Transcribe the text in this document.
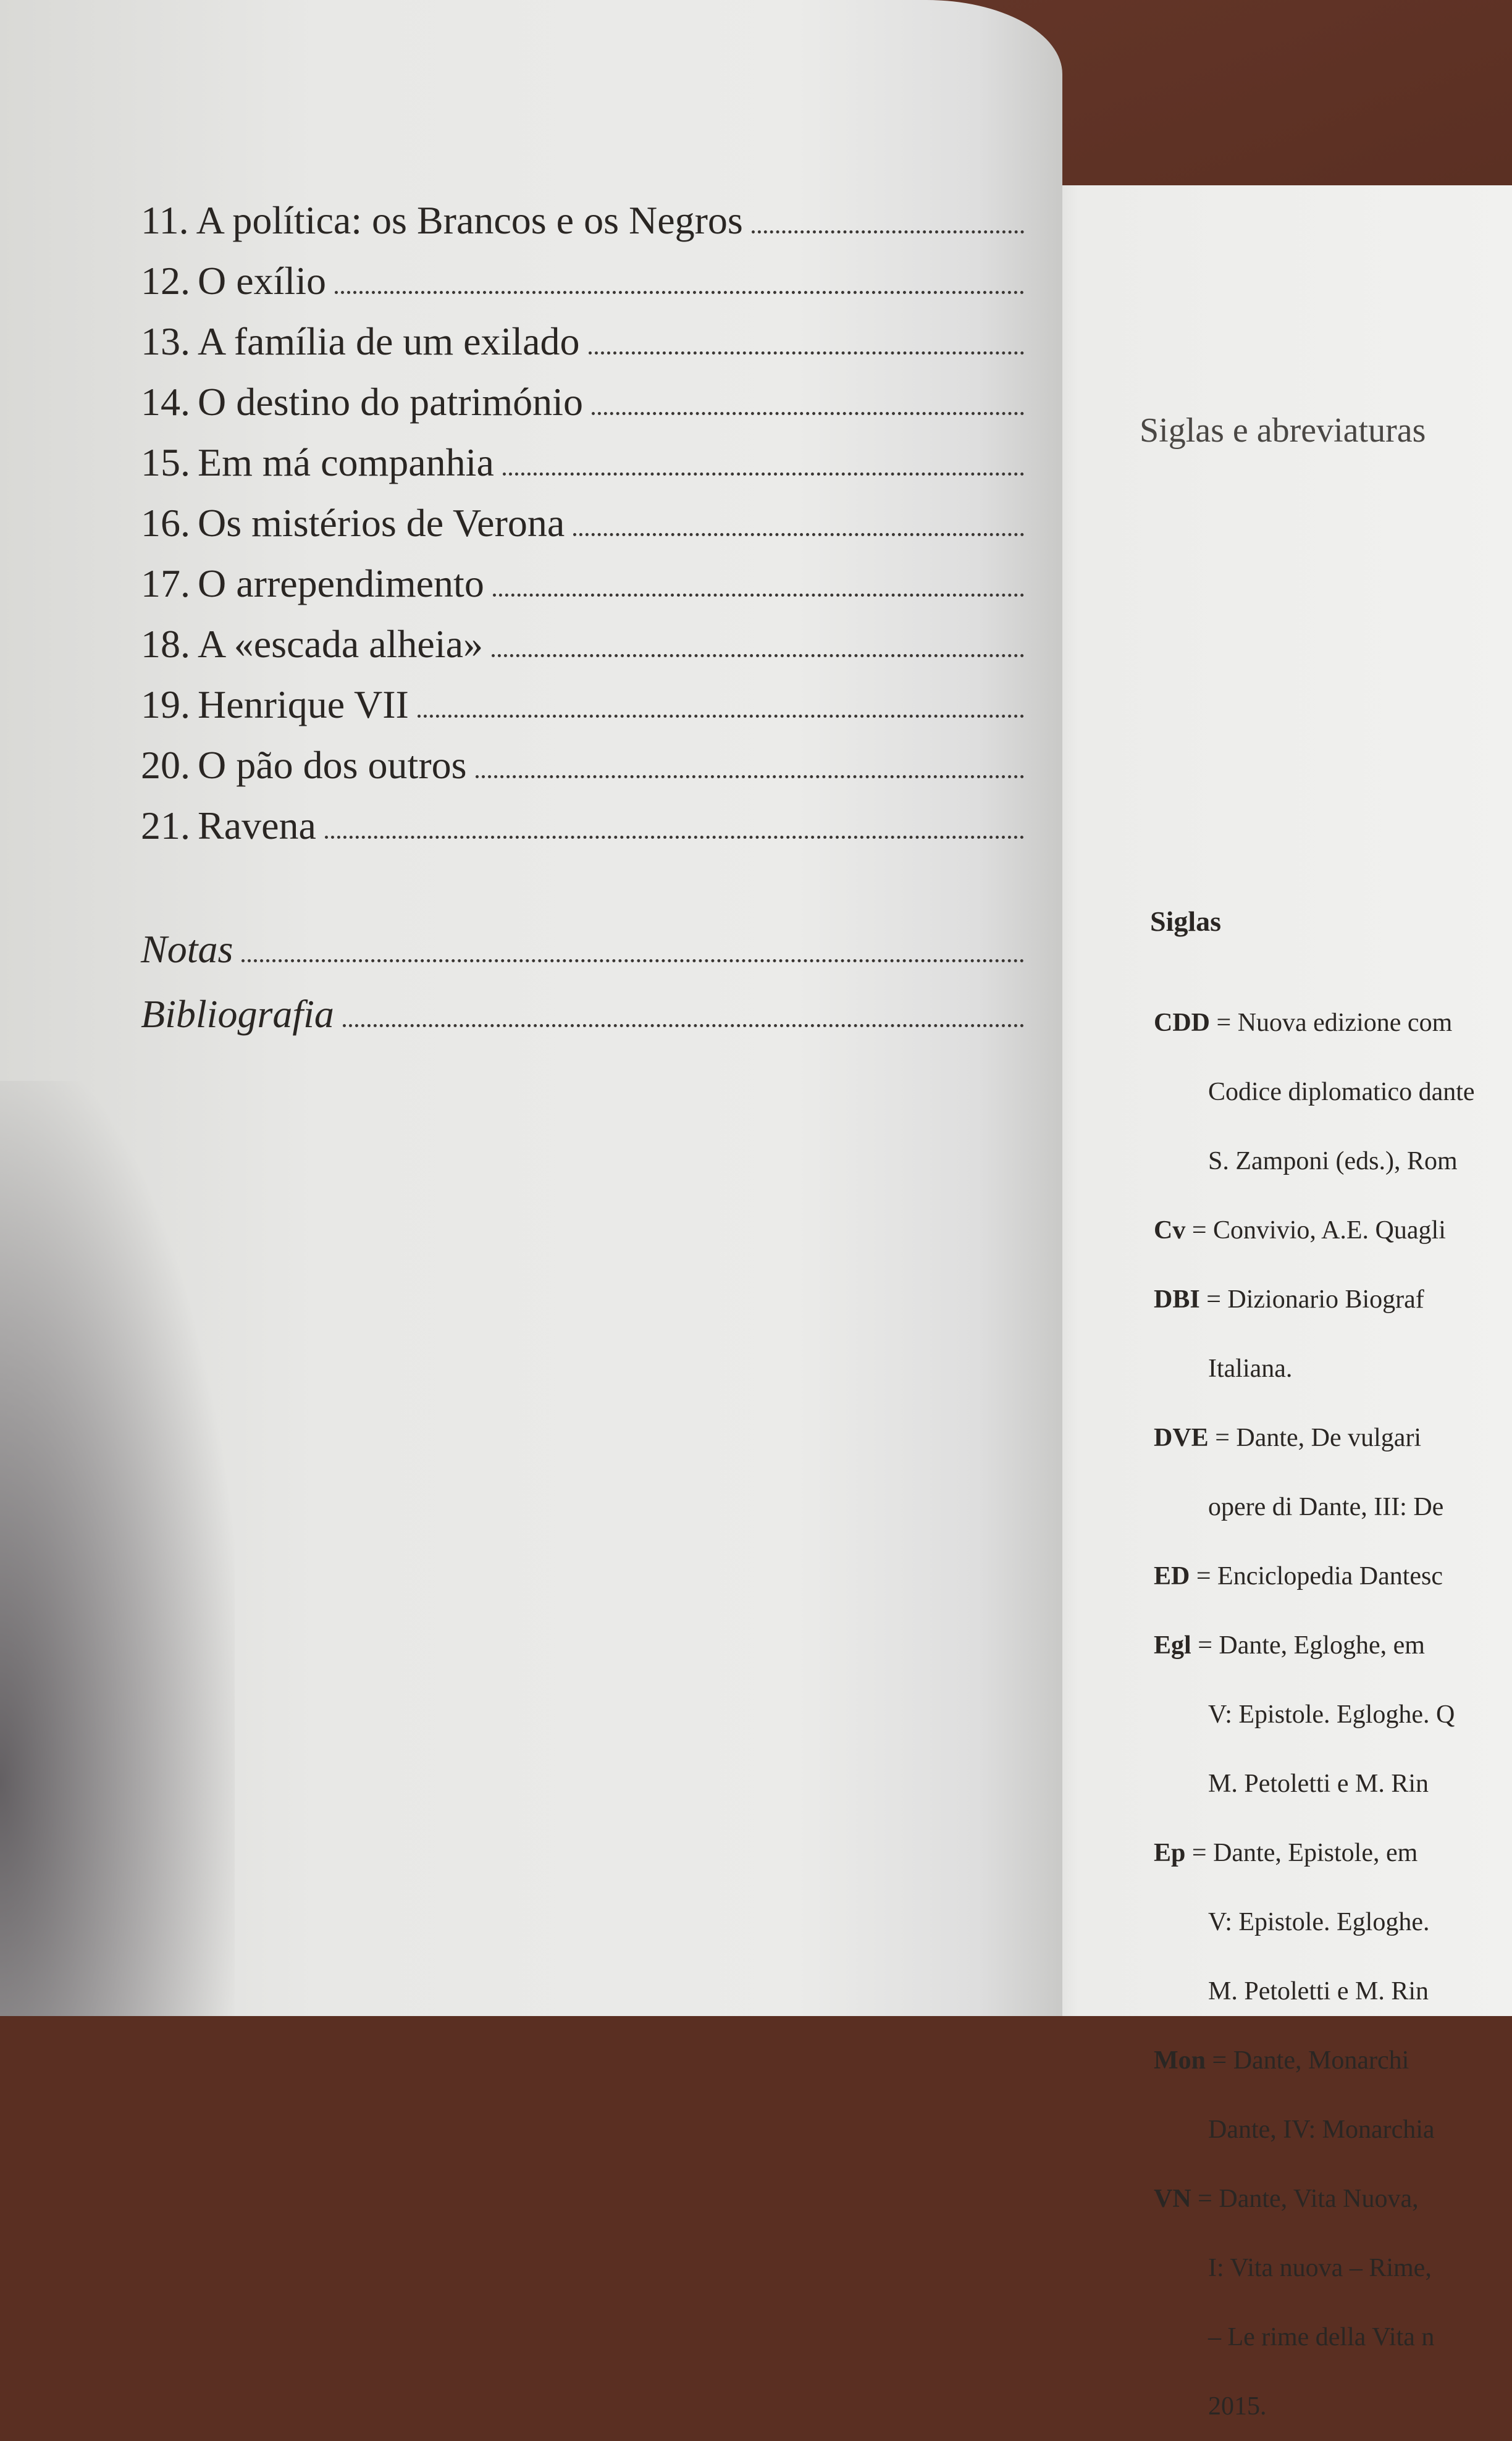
11. A política: os Brancos e os Negros
12. O exílio
13. A família de um exilado
14. O destino do património
15. Em má companhia
16. Os mistérios de Verona
17. O arrependimento
18. A «escada alheia»
19. Henrique VII
20. O pão dos outros
21. Ravena
Notas
Bibliografia
Siglas e abreviaturas
Siglas
CDD = Nuova edizione com
Codice diplomatico dante
S. Zamponi (eds.), Rom
Cv = Convivio, A.E. Quagli
DBI = Dizionario Biograf
Italiana.
DVE = Dante, De vulgari
opere di Dante, III: De
ED = Enciclopedia Dantesc
Egl = Dante, Egloghe, em
V: Epistole. Egloghe. Q
M. Petoletti e M. Rin
Ep = Dante, Epistole, em
V: Epistole. Egloghe.
M. Petoletti e M. Rin
Mon = Dante, Monarchi
Dante, IV: Monarchia
VN = Dante, Vita Nuova,
I: Vita nuova – Rime,
– Le rime della Vita n
2015.
